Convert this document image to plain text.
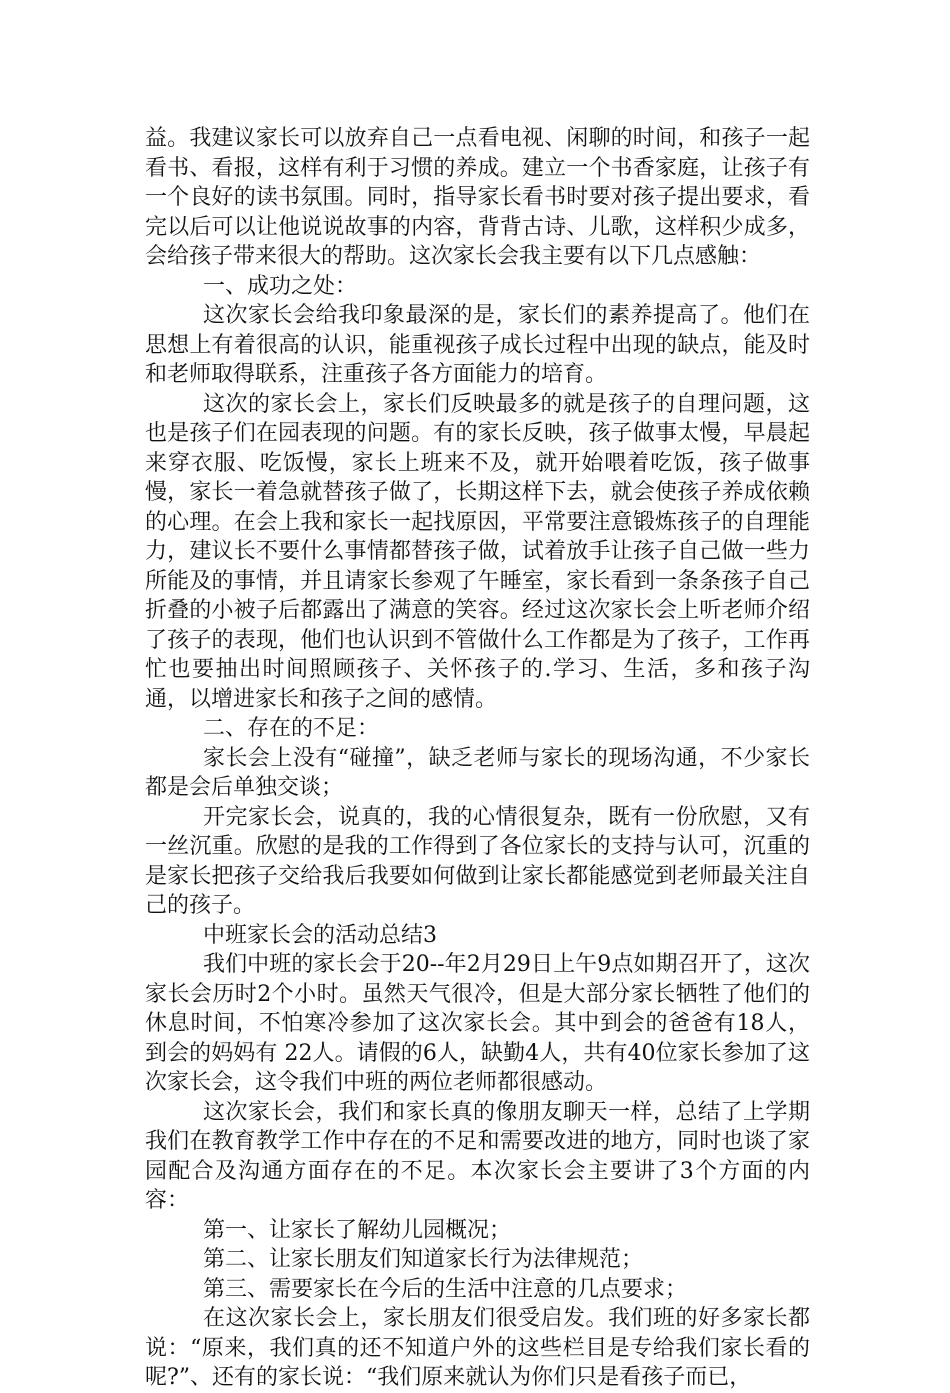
益。我建议家长可以放弃自己一点看电视、闲聊的时间，和孩子一起看书、看报，这样有利于习惯的养成。建立一个书香家庭，让孩子有一个良好的读书氛围。同时，指导家长看书时要对孩子提出要求，看完以后可以让他说说故事的内容，背背古诗、儿歌，这样积少成多，会给孩子带来很大的帮助。这次家长会我主要有以下几点感触：

一、成功之处：

这次家长会给我印象最深的是，家长们的素养提高了。他们在思想上有着很高的认识，能重视孩子成长过程中出现的缺点，能及时和老师取得联系，注重孩子各方面能力的培育。

这次的家长会上，家长们反映最多的就是孩子的自理问题，这也是孩子们在园表现的问题。有的家长反映，孩子做事太慢，早晨起来穿衣服、吃饭慢，家长上班来不及，就开始喂着吃饭，孩子做事慢，家长一着急就替孩子做了，长期这样下去，就会使孩子养成依赖的心理。在会上我和家长一起找原因，平常要注意锻炼孩子的自理能力，建议长不要什么事情都替孩子做，试着放手让孩子自己做一些力所能及的事情，并且请家长参观了午睡室，家长看到一条条孩子自己折叠的小被子后都露出了满意的笑容。经过这次家长会上听老师介绍了孩子的表现，他们也认识到不管做什么工作都是为了孩子，工作再忙也要抽出时间照顾孩子、关怀孩子的.学习、生活，多和孩子沟通，以增进家长和孩子之间的感情。

二、存在的不足：

家长会上没有“碰撞”，缺乏老师与家长的现场沟通，不少家长都是会后单独交谈；

开完家长会，说真的，我的心情很复杂，既有一份欣慰，又有一丝沉重。欣慰的是我的工作得到了各位家长的支持与认可，沉重的是家长把孩子交给我后我要如何做到让家长都能感觉到老师最关注自己的孩子。

中班家长会的活动总结3

我们中班的家长会于20--年2月29日上午9点如期召开了，这次家长会历时2个小时。虽然天气很冷，但是大部分家长牺牲了他们的休息时间，不怕寒冷参加了这次家长会。其中到会的爸爸有18人，到会的妈妈有 22人。请假的6人，缺勤4人，共有40位家长参加了这次家长会，这令我们中班的两位老师都很感动。

这次家长会，我们和家长真的像朋友聊天一样，总结了上学期我们在教育教学工作中存在的不足和需要改进的地方，同时也谈了家园配合及沟通方面存在的不足。本次家长会主要讲了3个方面的内容：

第一、让家长了解幼儿园概况；

第二、让家长朋友们知道家长行为法律规范；

第三、需要家长在今后的生活中注意的几点要求；

在这次家长会上，家长朋友们很受启发。我们班的好多家长都说：“原来，我们真的还不知道户外的这些栏目是专给我们家长看的呢?”、还有的家长说：“我们原来就认为你们只是看孩子而已，
